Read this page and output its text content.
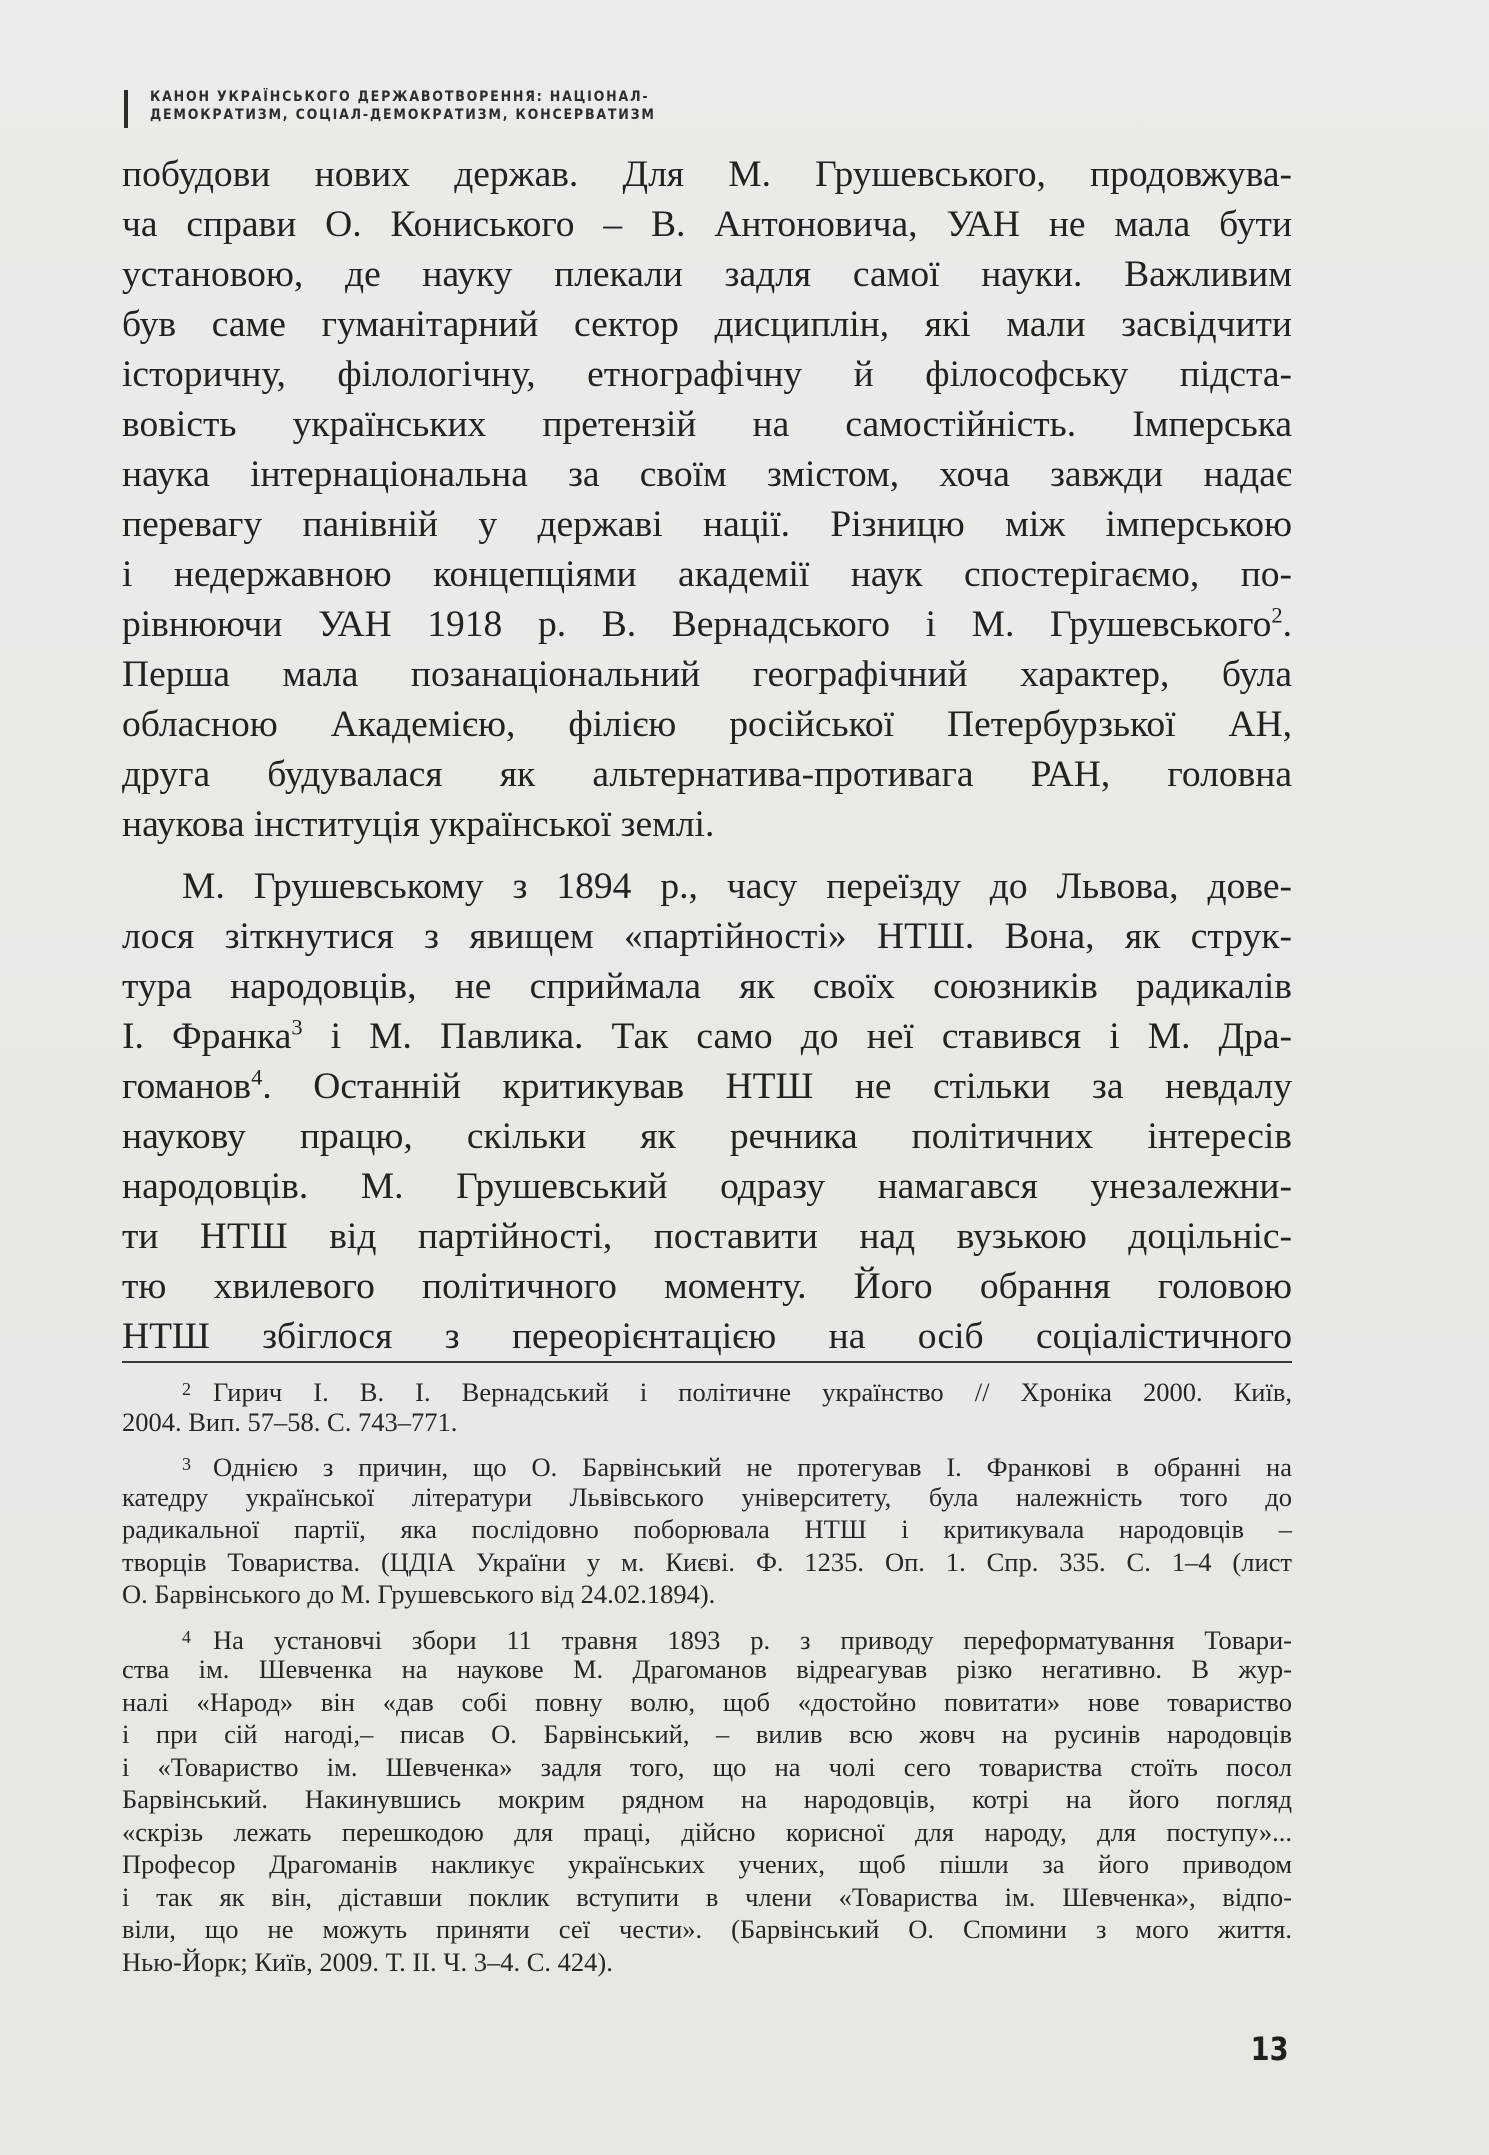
КАНОН УКРАЇНСЬКОГО ДЕРЖАВОТВОРЕННЯ: НАЦІОНАЛ-
ДЕМОКРАТИЗМ, СОЦІАЛ-ДЕМОКРАТИЗМ, КОНСЕРВАТИЗМ
побудови нових держав. Для М. Грушевського, продовжува-
ча справи О. Кониського – В. Антоновича, УАН не мала бути
установою, де науку плекали задля самої науки. Важливим
був саме гуманітарний сектор дисциплін, які мали засвідчити
історичну, філологічну, етнографічну й філософську підста-
вовість українських претензій на самостійність. Імперська
наука інтернаціональна за своїм змістом, хоча завжди надає
перевагу панівній у державі нації. Різницю між імперською
і недержавною концепціями академії наук спостерігаємо, по-
рівнюючи УАН 1918 р. В. Вернадського і М. Грушевського$^2$.
Перша мала позанаціональний географічний характер, була
обласною Академією, філією російської Петербурзької АН,
друга будувалася як альтернатива-противага РАН, головна
наукова інституція української землі.
М. Грушевському з 1894 р., часу переїзду до Львова, дове-
лося зіткнутися з явищем «партійності» НТШ. Вона, як струк-
тура народовців, не сприймала як своїх союзників радикалів
І. Франка$^3$ і М. Павлика. Так само до неї ставився і М. Дра-
гоманов$^4$. Останній критикував НТШ не стільки за невдалу
наукову працю, скільки як речника політичних інтересів
народовців. М. Грушевський одразу намагався унезалежни-
ти НТШ від партійності, поставити над вузькою доцільніс-
тю хвилевого політичного моменту. Його обрання головою
НТШ збіглося з переорієнтацією на осіб соціалістичного
$^2$ Гирич І. В. І. Вернадський і політичне українство // Хроніка 2000. Київ,
2004. Вип. 57–58. С. 743–771.
$^3$ Однією з причин, що О. Барвінський не протегував І. Франкові в обранні на
катедру української літератури Львівського університету, була належність того до
радикальної партії, яка послідовно поборювала НТШ і критикувала народовців –
творців Товариства. (ЦДІА України у м. Києві. Ф. 1235. Оп. 1. Спр. 335. С. 1–4 (лист
О. Барвінського до М. Грушевського від 24.02.1894).
$^4$ На установчі збори 11 травня 1893 р. з приводу переформатування Товари-
ства ім. Шевченка на наукове М. Драгоманов відреагував різко негативно. В жур-
налі «Народ» він «дав собі повну волю, щоб «достойно повитати» нове товариство
і при сій нагоді,– писав О. Барвінський, – вилив всю жовч на русинів народовців
і «Товариство ім. Шевченка» задля того, що на чолі сего товариства стоїть посол
Барвінський. Накинувшись мокрим рядном на народовців, котрі на його погляд
«скрізь лежать перешкодою для праці, дійсно корисної для народу, для поступу»...
Професор Драгоманів накликує українських учених, щоб пішли за його приводом
і так як він, діставши поклик вступити в члени «Товариства ім. Шевченка», відпо-
віли, що не можуть приняти сеї чести». (Барвінський О. Спомини з мого життя.
Нью-Йорк; Київ, 2009. Т. ІІ. Ч. 3–4. С. 424).
13
